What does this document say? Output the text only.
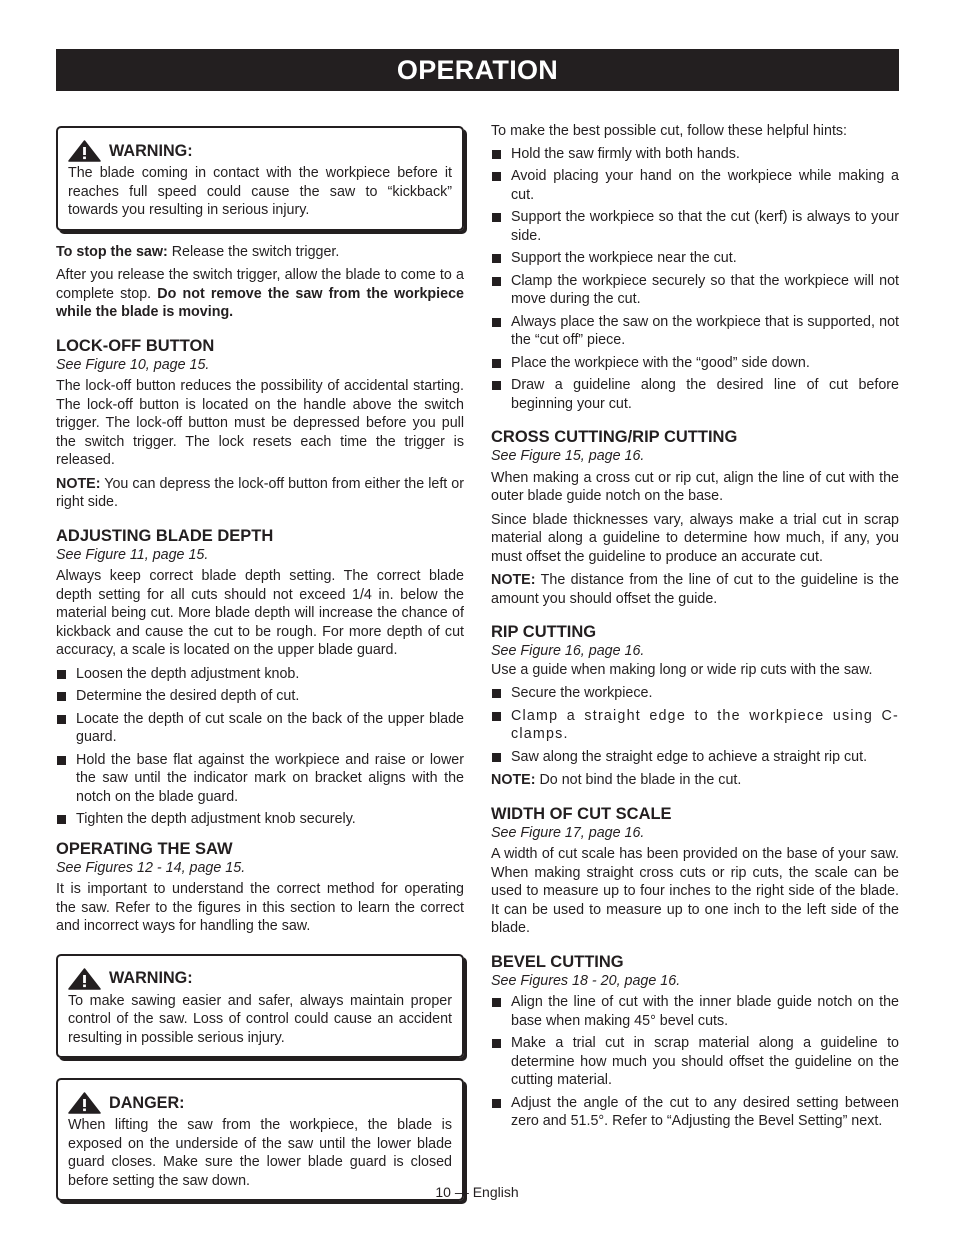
OPERATION
WARNING:
The blade coming in contact with the workpiece before it reaches full speed could cause the saw to “kickback” towards you resulting in serious injury.

To stop the saw: Release the switch trigger.

After you release the switch trigger, allow the blade to come to a complete stop. Do not remove the saw from the workpiece while the blade is moving.

LOCK-OFF BUTTON
See Figure 10, page 15.

The lock-off button reduces the possibility of accidental starting. The lock-off button is located on the handle above the switch trigger. The lock-off button must be depressed before you pull the switch trigger. The lock resets each time the trigger is released.

NOTE: You can depress the lock-off button from either the left or right side.

ADJUSTING BLADE DEPTH
See Figure 11, page 15.

Always keep correct blade depth setting. The correct blade depth setting for all cuts should not exceed 1/4 in. below the material being cut. More blade depth will increase the chance of kickback and cause the cut to be rough. For more depth of cut accuracy, a scale is located on the upper blade guard.

Loosen the depth adjustment knob.
Determine the desired depth of cut.
Locate the depth of cut scale on the back of the upper blade guard.
Hold the base flat against the workpiece and raise or lower the saw until the indicator mark on bracket aligns with the notch on the blade guard.
Tighten the depth adjustment knob securely.
OPERATING THE SAW
See Figures 12 - 14, page 15.

It is important to understand the correct method for operating the saw. Refer to the figures in this section to learn the correct and incorrect ways for handling the saw.

WARNING:
To make sawing easier and safer, always maintain proper control of the saw. Loss of control could cause an accident resulting in possible serious injury.
DANGER:
When lifting the saw from the workpiece, the blade is exposed on the underside of the saw until the lower blade guard closes. Make sure the lower blade guard is closed before setting the saw down.
To make the best possible cut, follow these helpful hints:
Hold the saw firmly with both hands.
Avoid placing your hand on the workpiece while making a cut.
Support the workpiece so that the cut (kerf) is always to your side.
Support the workpiece near the cut.
Clamp the workpiece securely so that the workpiece will not move during the cut.
Always place the saw on the workpiece that is supported, not the “cut off” piece.
Place the workpiece with the “good” side down.
Draw a guideline along the desired line of cut before beginning your cut.
CROSS CUTTING/RIP CUTTING
See Figure 15, page 16.

When making a cross cut or rip cut, align the line of cut with the outer blade guide notch on the base.

Since blade thicknesses vary, always make a trial cut in scrap material along a guideline to determine how much, if any, you must offset the guideline to produce an accurate cut.

NOTE: The distance from the line of cut to the guideline is the amount you should offset the guide.

RIP CUTTING
See Figure 16, page 16.

Use a guide when making long or wide rip cuts with the saw.

Secure the workpiece.
Clamp a straight edge to the workpiece using C-clamps.
Saw along the straight edge to achieve a straight rip cut.

NOTE: Do not bind the blade in the cut.

WIDTH OF CUT SCALE
See Figure 17, page 16.

A width of cut scale has been provided on the base of your saw. When making straight cross cuts or rip cuts, the scale can be used to measure up to four inches to the right side of the blade. It can be used to measure up to one inch to the left side of the blade.

BEVEL CUTTING
See Figures 18 - 20, page 16.
Align the line of cut with the inner blade guide notch on the base when making 45° bevel cuts.
Make a trial cut in scrap material along a guideline to determine how much you should offset the guideline on the cutting material.
Adjust the angle of the cut to any desired setting between zero and 51.5°. Refer to “Adjusting the Bevel Setting” next.
10 — English
